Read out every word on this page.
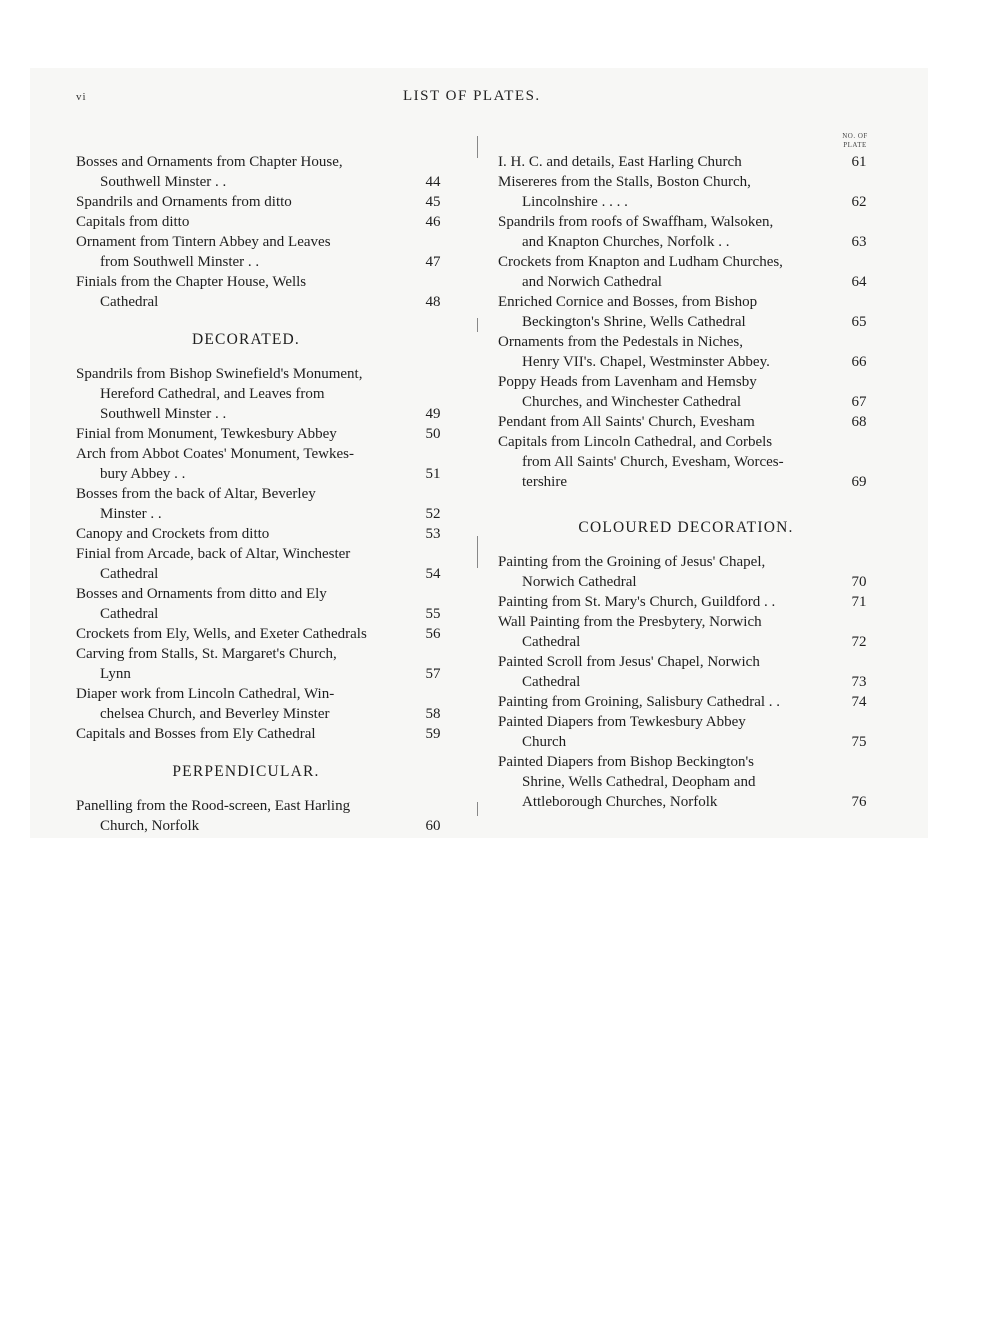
vi	LIST OF PLATES.
NO. OF
PLATE
Bosses and Ornaments from Chapter House,
Southwell Minster . .	44
Spandrils and Ornaments from ditto	45
Capitals from ditto	46
Ornament from Tintern Abbey and Leaves
from Southwell Minster . .	47
Finials from the Chapter House, Wells
Cathedral	48
DECORATED.
Spandrils from Bishop Swinefield's Monument,
Hereford Cathedral, and Leaves from
Southwell Minster . .	49
Finial from Monument, Tewkesbury Abbey	50
Arch from Abbot Coates' Monument, Tewkes-
bury Abbey . .	51
Bosses from the back of Altar, Beverley
Minster . .	52
Canopy and Crockets from ditto	53
Finial from Arcade, back of Altar, Winchester
Cathedral	54
Bosses and Ornaments from ditto and Ely
Cathedral	55
Crockets from Ely, Wells, and Exeter Cathedrals	56
Carving from Stalls, St. Margaret's Church,
Lynn	57
Diaper work from Lincoln Cathedral, Win-
chelsea Church, and Beverley Minster	58
Capitals and Bosses from Ely Cathedral	59
PERPENDICULAR.
Panelling from the Rood-screen, East Harling
Church, Norfolk	60
I. H. C. and details, East Harling Church	61
Misereres from the Stalls, Boston Church,
Lincolnshire . . . .	62
Spandrils from roofs of Swaffham, Walsoken,
and Knapton Churches, Norfolk . .	63
Crockets from Knapton and Ludham Churches,
and Norwich Cathedral	64
Enriched Cornice and Bosses, from Bishop
Beckington's Shrine, Wells Cathedral	65
Ornaments from the Pedestals in Niches,
Henry VII's. Chapel, Westminster Abbey.	66
Poppy Heads from Lavenham and Hemsby
Churches, and Winchester Cathedral	67
Pendant from All Saints' Church, Evesham	68
Capitals from Lincoln Cathedral, and Corbels
from All Saints' Church, Evesham, Worces-
tershire	69
COLOURED DECORATION.
Painting from the Groining of Jesus' Chapel,
Norwich Cathedral	70
Painting from St. Mary's Church, Guildford . .	71
Wall Painting from the Presbytery, Norwich
Cathedral	72
Painted Scroll from Jesus' Chapel, Norwich
Cathedral	73
Painting from Groining, Salisbury Cathedral . .	74
Painted Diapers from Tewkesbury Abbey
Church	75
Painted Diapers from Bishop Beckington's
Shrine, Wells Cathedral, Deopham and
Attleborough Churches, Norfolk	76
